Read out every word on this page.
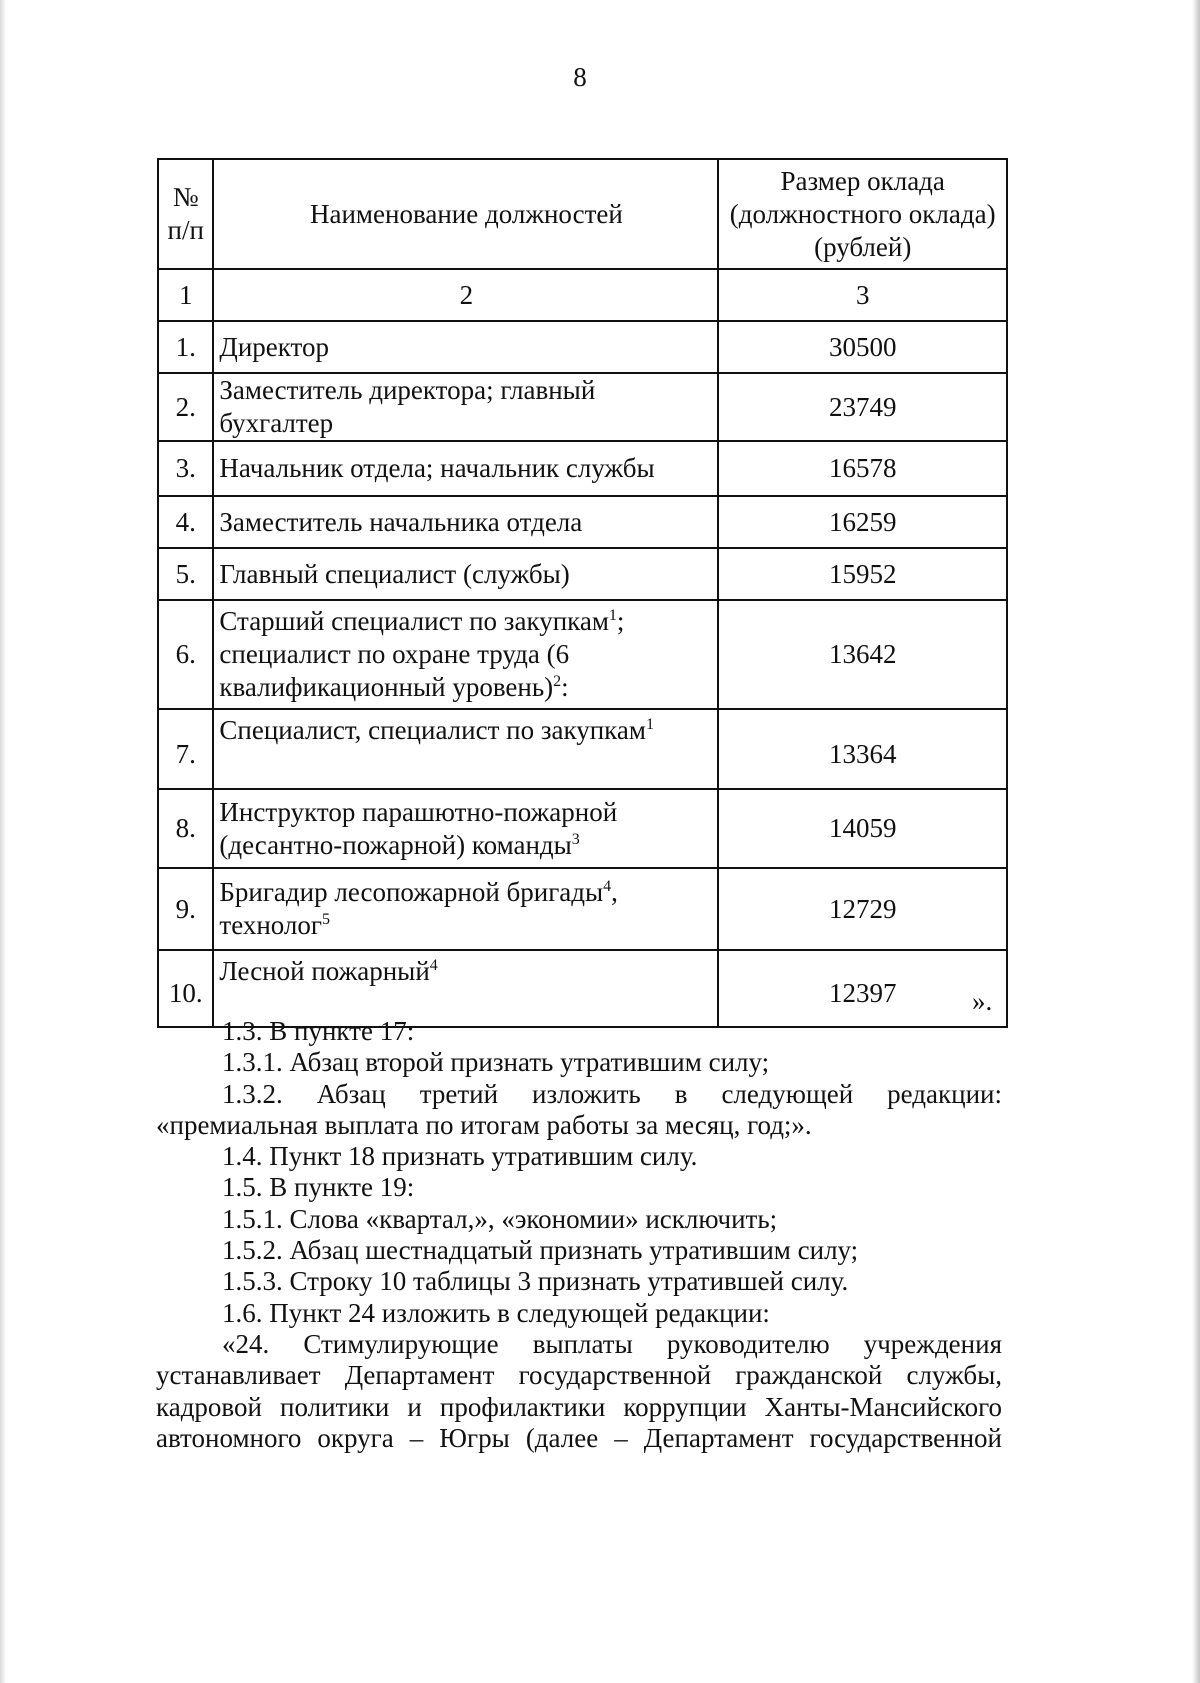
8
№ п/п	Наименование должностей	Размер оклада (должностного оклада) (рублей)
1	2	3
1.	Директор	30500
2.	Заместитель директора; главный бухгалтер	23749
3.	Начальник отдела; начальник службы	16578
4.	Заместитель начальника отдела	16259
5.	Главный специалист (службы)	15952
6.	Старший специалист по закупкам$^1$; специалист по охране труда (6 квалификационный уровень)$^2$:	13642
7.	Специалист, специалист по закупкам$^1$	13364
8.	Инструктор парашютно-пожарной (десантно-пожарной) команды$^3$	14059
9.	Бригадир лесопожарной бригады$^4$, технолог$^5$	12729
10.	Лесной пожарный$^4$	12397	».

1.3. В пункте 17:

1.3.1. Абзац второй признать утратившим силу;

1.3.2. Абзац третий изложить в следующей редакции: «премиальная выплата по итогам работы за месяц, год;».

1.4. Пункт 18 признать утратившим силу.

1.5. В пункте 19:

1.5.1. Слова «квартал,», «экономии» исключить;

1.5.2. Абзац шестнадцатый признать утратившим силу;

1.5.3. Строку 10 таблицы 3 признать утратившей силу.

1.6. Пункт 24 изложить в следующей редакции:

«24. Стимулирующие выплаты руководителю учреждения устанавливает Департамент государственной гражданской службы, кадровой политики и профилактики коррупции Ханты-Мансийского автономного округа – Югры (далее – Департамент государственной
